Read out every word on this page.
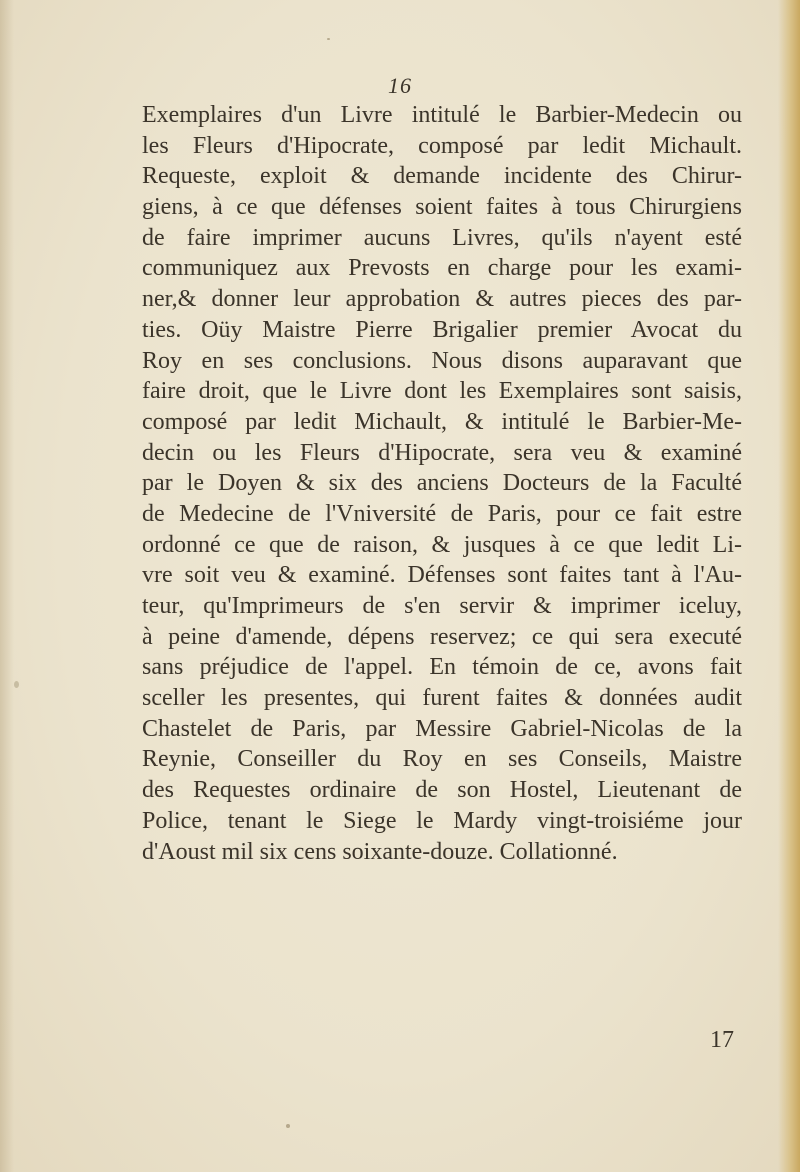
16
Exemplaires d'un Livre intitulé le Barbier-Medecin ou
les Fleurs d'Hipocrate, composé par ledit Michault.
Requeste, exploit & demande incidente des Chirur-
giens, à ce que défenses soient faites à tous Chirurgiens
de faire imprimer aucuns Livres, qu'ils n'ayent esté
communiquez aux Prevosts en charge pour les exami-
ner,& donner leur approbation & autres pieces des par-
ties. Oüy Maistre Pierre Brigalier premier Avocat du
Roy en ses conclusions. Nous disons auparavant que
faire droit, que le Livre dont les Exemplaires sont saisis,
composé par ledit Michault, & intitulé le Barbier-Me-
decin ou les Fleurs d'Hipocrate, sera veu & examiné
par le Doyen & six des anciens Docteurs de la Faculté
de Medecine de l'Vniversité de Paris, pour ce fait estre
ordonné ce que de raison, & jusques à ce que ledit Li-
vre soit veu & examiné. Défenses sont faites tant à l'Au-
teur, qu'Imprimeurs de s'en servir & imprimer iceluy,
à peine d'amende, dépens reservez; ce qui sera executé
sans préjudice de l'appel. En témoin de ce, avons fait
sceller les presentes, qui furent faites & données audit
Chastelet de Paris, par Messire Gabriel-Nicolas de la
Reynie, Conseiller du Roy en ses Conseils, Maistre
des Requestes ordinaire de son Hostel, Lieutenant de
Police, tenant le Siege le Mardy vingt-troisiéme jour
d'Aoust mil six cens soixante-douze. Collationné.
17
